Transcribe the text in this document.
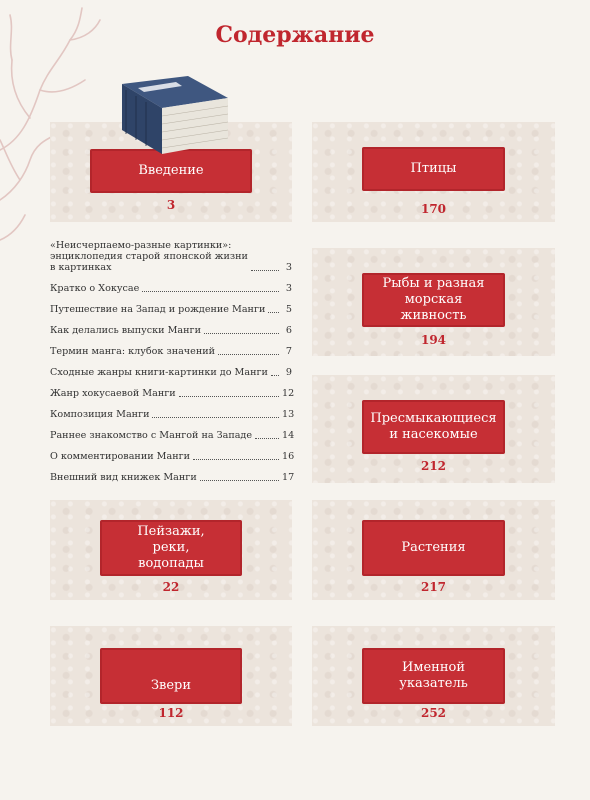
Содержание
Введение
3
Птицы
170
Рыбы и разная морская живность
194
Пресмыкающиеся и насекомые
212
«Неисчерпаемо-разные картинки»:
энциклопедия старой японской жизни
в картинках	3
Кратко о Хокусае	3
Путешествие на Запад и рождение Манги	5
Как делались выпуски Манги	6
Термин манга: клубок значений	7
Сходные жанры книги-картинки до Манги	9
Жанр хокусаевой Манги	12
Композиция Манги	13
Раннее знакомство с Мангой на Западе	14
О комментировании Манги	16
Внешний вид книжек Манги	17
Пейзажи, реки, водопады
22
Растения
217
Звери
112
Именной указатель
252
